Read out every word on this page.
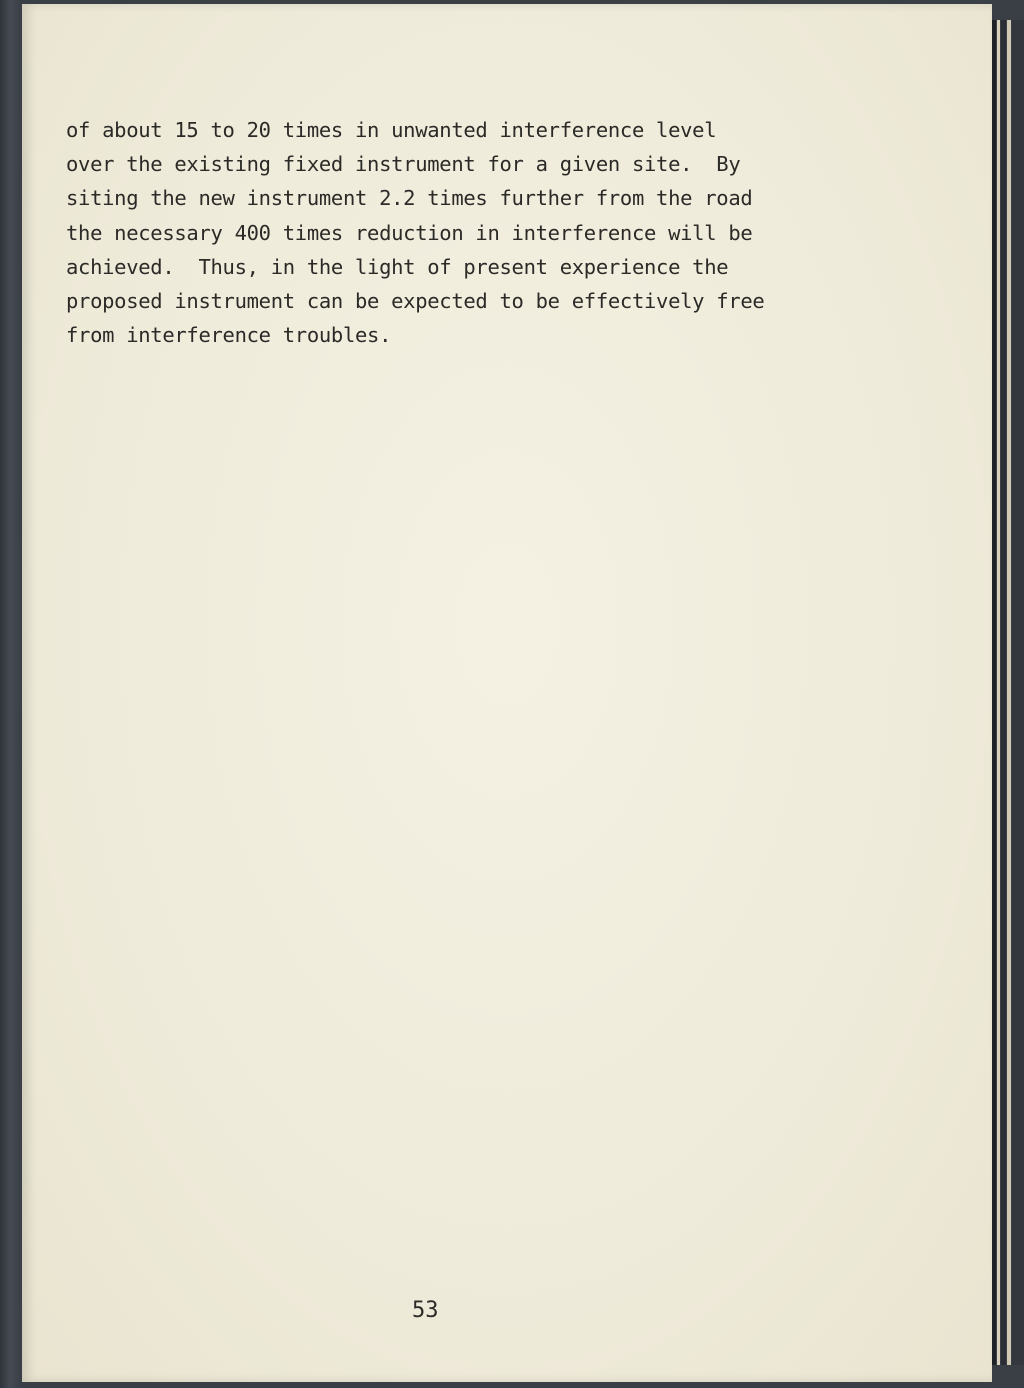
of about 15 to 20 times in unwanted interference level
over the existing fixed instrument for a given site.  By
siting the new instrument 2.2 times further from the road
the necessary 400 times reduction in interference will be
achieved.  Thus, in the light of present experience the
proposed instrument can be expected to be effectively free
from interference troubles.

53
